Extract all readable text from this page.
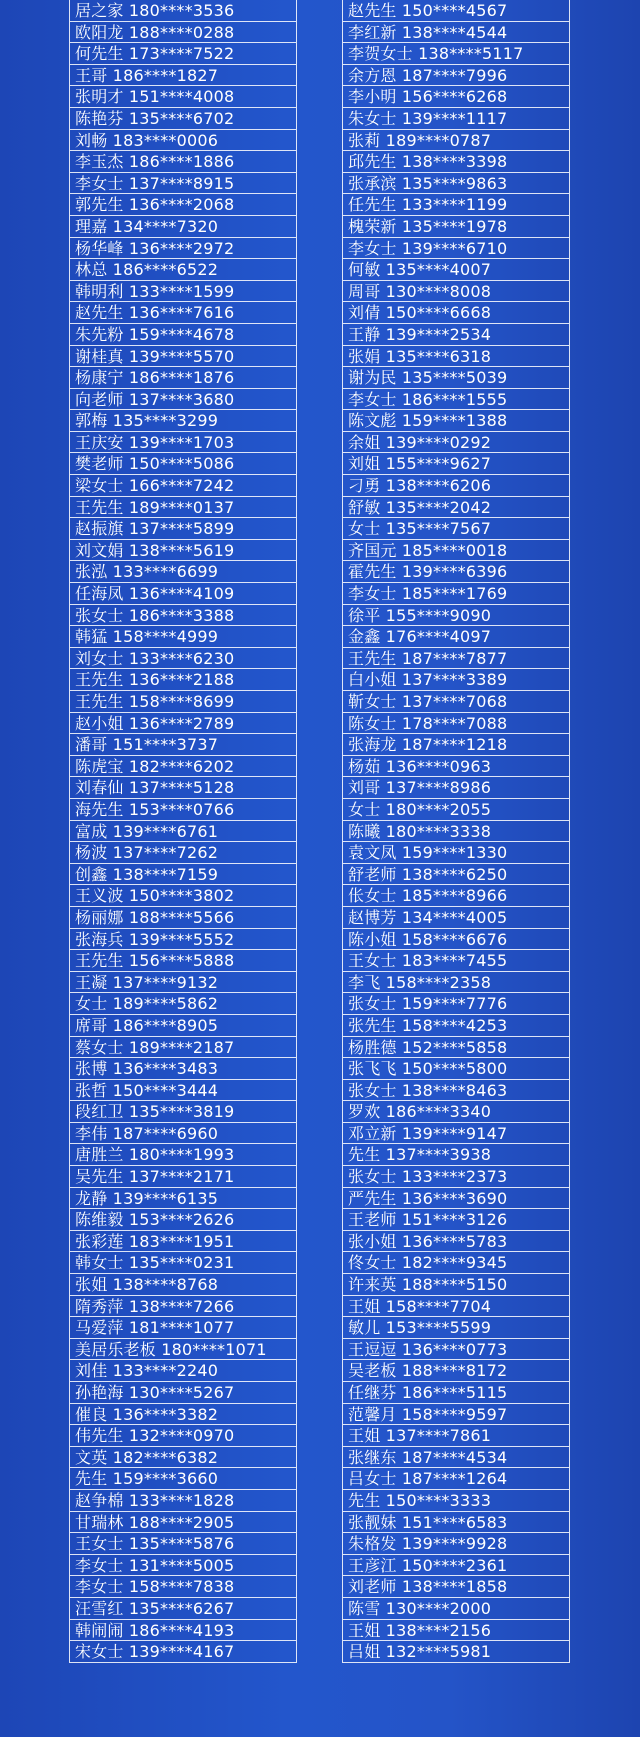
居之家 180****3536
欧阳龙 188****0288
何先生 173****7522
王哥 186****1827
张明才 151****4008
陈艳芬 135****6702
刘畅 183****0006
李玉杰 186****1886
李女士 137****8915
郭先生 136****2068
理嘉 134****7320
杨华峰 136****2972
林总 186****6522
韩明利 133****1599
赵先生 136****7616
朱先粉 159****4678
谢桂真 139****5570
杨康宁 186****1876
向老师 137****3680
郭梅 135****3299
王庆安 139****1703
樊老师 150****5086
梁女士 166****7242
王先生 189****0137
赵振旗 137****5899
刘文娟 138****5619
张泓 133****6699
任海凤 136****4109
张女士 186****3388
韩猛 158****4999
刘女士 133****6230
王先生 136****2188
王先生 158****8699
赵小姐 136****2789
潘哥 151****3737
陈虎宝 182****6202
刘春仙 137****5128
海先生 153****0766
富成 139****6761
杨波 137****7262
创鑫 138****7159
王义波 150****3802
杨丽娜 188****5566
张海兵 139****5552
王先生 156****5888
王凝 137****9132
女士 189****5862
席哥 186****8905
蔡女士 189****2187
张博 136****3483
张哲 150****3444
段红卫 135****3819
李伟 187****6960
唐胜兰 180****1993
吴先生 137****2171
龙静 139****6135
陈维毅 153****2626
张彩莲 183****1951
韩女士 135****0231
张姐 138****8768
隋秀萍 138****7266
马爱萍 181****1077
美居乐老板 180****1071
刘佳 133****2240
孙艳海 130****5267
催良 136****3382
伟先生 132****0970
文英 182****6382
先生 159****3660
赵争棉 133****1828
甘瑞林 188****2905
王女士 135****5876
李女士 131****5005
李女士 158****7838
汪雪红 135****6267
韩闹闹 186****4193
宋女士 139****4167
赵先生 150****4567
李红新 138****4544
李贺女士 138****5117
余方恩 187****7996
李小明 156****6268
朱女士 139****1117
张莉 189****0787
邱先生 138****3398
张承滨 135****9863
任先生 133****1199
槐荣新 135****1978
李女士 139****6710
何敏 135****4007
周哥 130****8008
刘倩 150****6668
王静 139****2534
张娟 135****6318
谢为民 135****5039
李女士 186****1555
陈文彪 159****1388
余姐 139****0292
刘姐 155****9627
刁勇 138****6206
舒敏 135****2042
女士 135****7567
齐国元 185****0018
霍先生 139****6396
李女士 185****1769
徐平 155****9090
金鑫 176****4097
王先生 187****7877
白小姐 137****3389
靳女士 137****7068
陈女士 178****7088
张海龙 187****1218
杨茹 136****0963
刘哥 137****8986
女士 180****2055
陈曦 180****3338
袁文凤 159****1330
舒老师 138****6250
伥女士 185****8966
赵博芳 134****4005
陈小姐 158****6676
王女士 183****7455
李飞 158****2358
张女士 159****7776
张先生 158****4253
杨胜德 152****5858
张飞飞 150****5800
张女士 138****8463
罗欢 186****3340
邓立新 139****9147
先生 137****3938
张女士 133****2373
严先生 136****3690
王老师 151****3126
张小姐 136****5783
佟女士 182****9345
许来英 188****5150
王姐 158****7704
敏儿 153****5599
王逗逗 136****0773
吴老板 188****8172
任继芬 186****5115
范馨月 158****9597
王姐 137****7861
张继东 187****4534
吕女士 187****1264
先生 150****3333
张靓妹 151****6583
朱格发 139****9928
王彦江 150****2361
刘老师 138****1858
陈雪 130****2000
王姐 138****2156
吕姐 132****5981
